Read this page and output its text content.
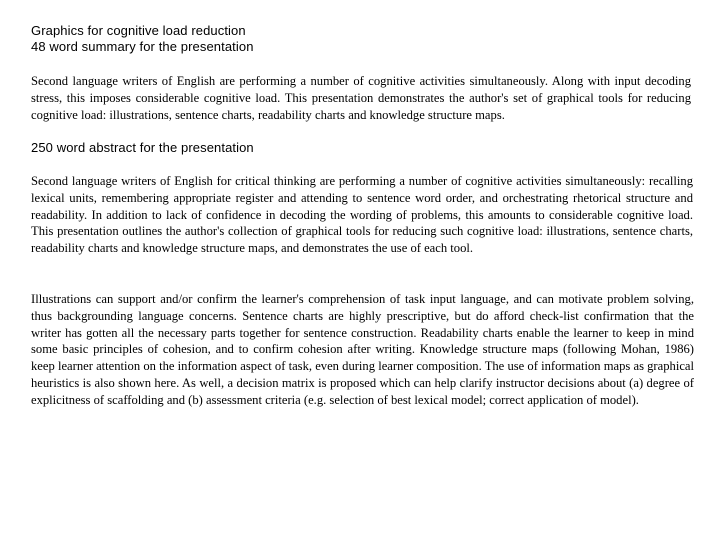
Graphics for cognitive load reduction

48 word summary for the presentation

Second language writers of English are performing a number of cognitive activities simultaneously. Along with input decoding stress, this imposes considerable cognitive load. This presentation demonstrates the author's set of graphical tools for reducing cognitive load: illustrations, sentence charts, readability charts and knowledge structure maps.

250 word abstract for the presentation

Second language writers of English for critical thinking are performing a number of cognitive activities simultaneously: recalling lexical units, remembering appropriate register and attending to sentence word order, and orchestrating rhetorical structure and readability. In addition to lack of confidence in decoding the wording of problems, this amounts to considerable cognitive load. This presentation outlines the author's collection of graphical tools for reducing such cognitive load: illustrations, sentence charts, readability charts and knowledge structure maps, and demonstrates the use of each tool.

Illustrations can support and/or confirm the learner's comprehension of task input language, and can motivate problem solving, thus backgrounding language concerns. Sentence charts are highly prescriptive, but do afford check-list confirmation that the writer has gotten all the necessary parts together for sentence construction. Readability charts enable the learner to keep in mind some basic principles of cohesion, and to confirm cohesion after writing. Knowledge structure maps (following Mohan, 1986) keep learner attention on the information aspect of task, even during learner composition. The use of information maps as graphical heuristics is also shown here. As well, a decision matrix is proposed which can help clarify instructor decisions about (a) degree of explicitness of scaffolding and (b) assessment criteria (e.g. selection of best lexical model; correct application of model).
